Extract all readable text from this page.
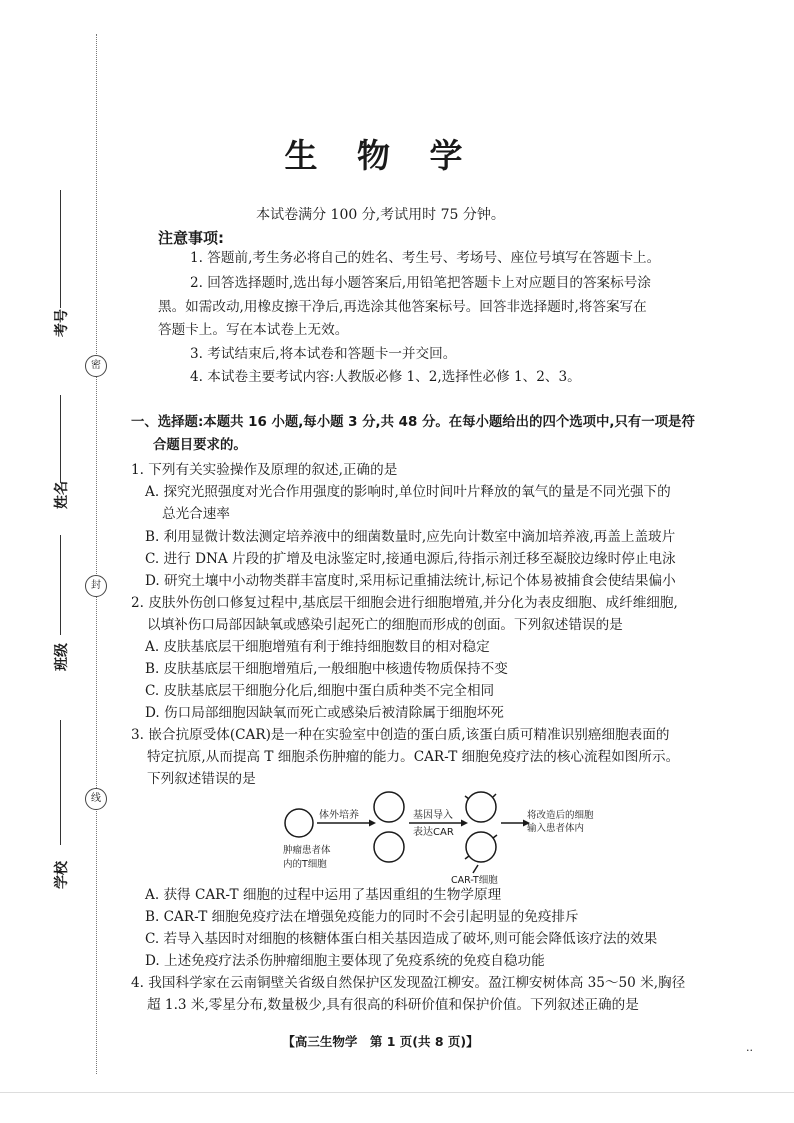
考号
姓名
班级
学校
密
封
线
生 物 学
本试卷满分 100 分,考试用时 75 分钟。
注意事项:
1. 答题前,考生务必将自己的姓名、考生号、考场号、座位号填写在答题卡上。
2. 回答选择题时,选出每小题答案后,用铅笔把答题卡上对应题目的答案标号涂
黑。如需改动,用橡皮擦干净后,再选涂其他答案标号。回答非选择题时,将答案写在
答题卡上。写在本试卷上无效。
3. 考试结束后,将本试卷和答题卡一并交回。
4. 本试卷主要考试内容:人教版必修 1、2,选择性必修 1、2、3。
一、选择题:本题共 16 小题,每小题 3 分,共 48 分。在每小题给出的四个选项中,只有一项是符
合题目要求的。
1. 下列有关实验操作及原理的叙述,正确的是
A. 探究光照强度对光合作用强度的影响时,单位时间叶片释放的氧气的量是不同光强下的
总光合速率
B. 利用显微计数法测定培养液中的细菌数量时,应先向计数室中滴加培养液,再盖上盖玻片
C. 进行 DNA 片段的扩增及电泳鉴定时,接通电源后,待指示剂迁移至凝胶边缘时停止电泳
D. 研究土壤中小动物类群丰富度时,采用标记重捕法统计,标记个体易被捕食会使结果偏小
2. 皮肤外伤创口修复过程中,基底层干细胞会进行细胞增殖,并分化为表皮细胞、成纤维细胞,
以填补伤口局部因缺氧或感染引起死亡的细胞而形成的创面。下列叙述错误的是
A. 皮肤基底层干细胞增殖有利于维持细胞数目的相对稳定
B. 皮肤基底层干细胞增殖后,一般细胞中核遗传物质保持不变
C. 皮肤基底层干细胞分化后,细胞中蛋白质种类不完全相同
D. 伤口局部细胞因缺氧而死亡或感染后被清除属于细胞坏死
3. 嵌合抗原受体(CAR)是一种在实验室中创造的蛋白质,该蛋白质可精准识别癌细胞表面的
特定抗原,从而提高 T 细胞杀伤肿瘤的能力。CAR-T 细胞免疫疗法的核心流程如图所示。
下列叙述错误的是
体外培养	基因导入
表达CAR
将改造后的细胞
输入患者体内
肿瘤患者体
内的T细胞
CAR-T细胞
A. 获得 CAR-T 细胞的过程中运用了基因重组的生物学原理
B. CAR-T 细胞免疫疗法在增强免疫能力的同时不会引起明显的免疫排斥
C. 若导入基因时对细胞的核糖体蛋白相关基因造成了破坏,则可能会降低该疗法的效果
D. 上述免疫疗法杀伤肿瘤细胞主要体现了免疫系统的免疫自稳功能
4. 我国科学家在云南铜壁关省级自然保护区发现盈江柳安。盈江柳安树体高 35～50 米,胸径
超 1.3 米,零星分布,数量极少,具有很高的科研价值和保护价值。下列叙述正确的是
【高三生物学　第 1 页(共 8 页)】	..
